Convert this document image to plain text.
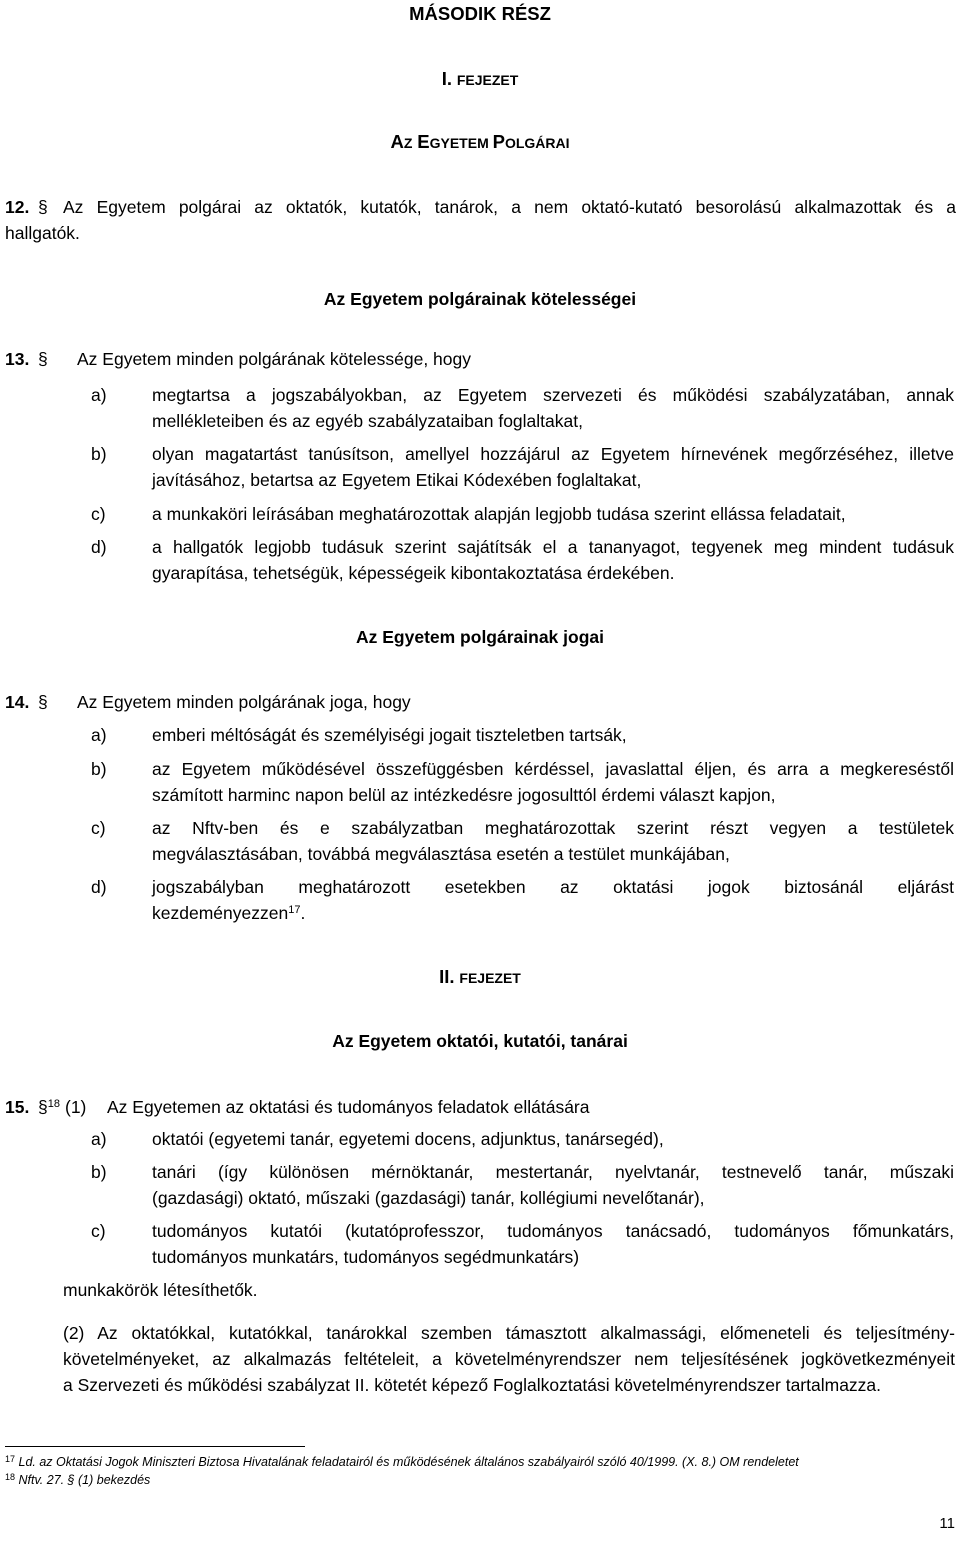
MÁSODIK RÉSZ
I. FEJEZET
AZ EGYETEM POLGÁRAI
12. § Az Egyetem polgárai az oktatók, kutatók, tanárok, a nem oktató-kutató besorolású alkalmazottak és a
hallgatók.
Az Egyetem polgárainak kötelességei
13. § Az Egyetem minden polgárának kötelessége, hogy
a)	megtartsa a jogszabályokban, az Egyetem szervezeti és működési szabályzatában, annak
mellékleteiben és az egyéb szabályzataiban foglaltakat,
b)	olyan magatartást tanúsítson, amellyel hozzájárul az Egyetem hírnevének megőrzéséhez, illetve
javításához, betartsa az Egyetem Etikai Kódexében foglaltakat,
c)	a munkaköri leírásában meghatározottak alapján legjobb tudása szerint ellássa feladatait,
d)	a hallgatók legjobb tudásuk szerint sajátítsák el a tananyagot, tegyenek meg mindent tudásuk
gyarapítása, tehetségük, képességeik kibontakoztatása érdekében.
Az Egyetem polgárainak jogai
14. § Az Egyetem minden polgárának joga, hogy
a)	emberi méltóságát és személyiségi jogait tiszteletben tartsák,
b)	az Egyetem működésével összefüggésben kérdéssel, javaslattal éljen, és arra a megkereséstől
számított harminc napon belül az intézkedésre jogosulttól érdemi választ kapjon,
c)	az Nftv-ben és e szabályzatban meghatározottak szerint részt vegyen a testületek
megválasztásában, továbbá megválasztása esetén a testület munkájában,
d)	jogszabályban meghatározott esetekben az oktatási jogok biztosánál eljárást
kezdeményezzen$^{17}$.
II. FEJEZET
Az Egyetem oktatói, kutatói, tanárai
15. §$^{18}$ (1) Az Egyetemen az oktatási és tudományos feladatok ellátására
a)	oktatói (egyetemi tanár, egyetemi docens, adjunktus, tanársegéd),
b)	tanári (így különösen mérnöktanár, mestertanár, nyelvtanár, testnevelő tanár, műszaki
(gazdasági) oktató, műszaki (gazdasági) tanár, kollégiumi nevelőtanár),
c)	tudományos kutatói (kutatóprofesszor, tudományos tanácsadó, tudományos főmunkatárs,
tudományos munkatárs, tudományos segédmunkatárs)
munkakörök létesíthetők.
(2) Az oktatókkal, kutatókkal, tanárokkal szemben támasztott alkalmassági, előmeneteli és teljesítmény-
követelményeket, az alkalmazás feltételeit, a követelményrendszer nem teljesítésének jogkövetkezményeit
a Szervezeti és működési szabályzat II. kötetét képező Foglalkoztatási követelményrendszer tartalmazza.
$^{17}$ Ld. az Oktatási Jogok Miniszteri Biztosa Hivatalának feladatairól és működésének általános szabályairól szóló 40/1999. (X. 8.) OM rendeletet
$^{18}$ Nftv. 27. § (1) bekezdés
11
